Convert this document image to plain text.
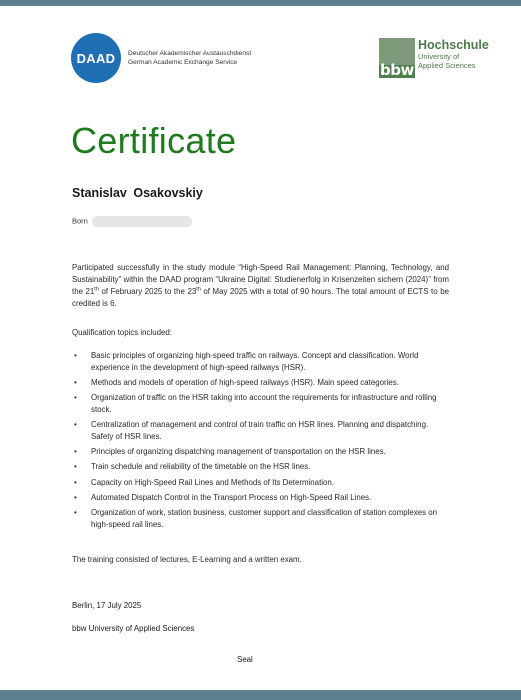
DAAD	Deutscher Akademischer Austauschdienst
German Academic Exchange Service	bbw
Hochschule
University of
Applied Sciences
Certificate
Stanislav Osakovskiy
Born

Participated successfully in the study module “High-Speed Rail Management: Planning, Technology, and Sustainability” within the DAAD program “Ukraine Digital: Studienerfolg in Krisenzeiten sichern (2024)” from the 21th of February 2025 to the 23th of May 2025 with a total of 90 hours. The total amount of ECTS to be credited is 6.

Qualification topics included:
• Basic principles of organizing high-speed traffic on railways. Concept and classification. World experience in the development of high-speed railways (HSR).
• Methods and models of operation of high-speed railways (HSR). Main speed categories.
• Organization of traffic on the HSR taking into account the requirements for infrastructure and rolling stock.
• Centralization of management and control of train traffic on HSR lines. Planning and dispatching. Safety of HSR lines.
• Principles of organizing dispatching management of transportation on the HSR lines.
• Train schedule and reliability of the timetable on the HSR lines.
• Capacity on High-Speed Rail Lines and Methods of Its Determination.
• Automated Dispatch Control in the Transport Process on High-Speed Rail Lines.
• Organization of work, station business, customer support and classification of station complexes on high-speed rail lines.
The training consisted of lectures, E-Learning and a written exam.
Berlin, 17 July 2025
bbw University of Applied Sciences
Seal
